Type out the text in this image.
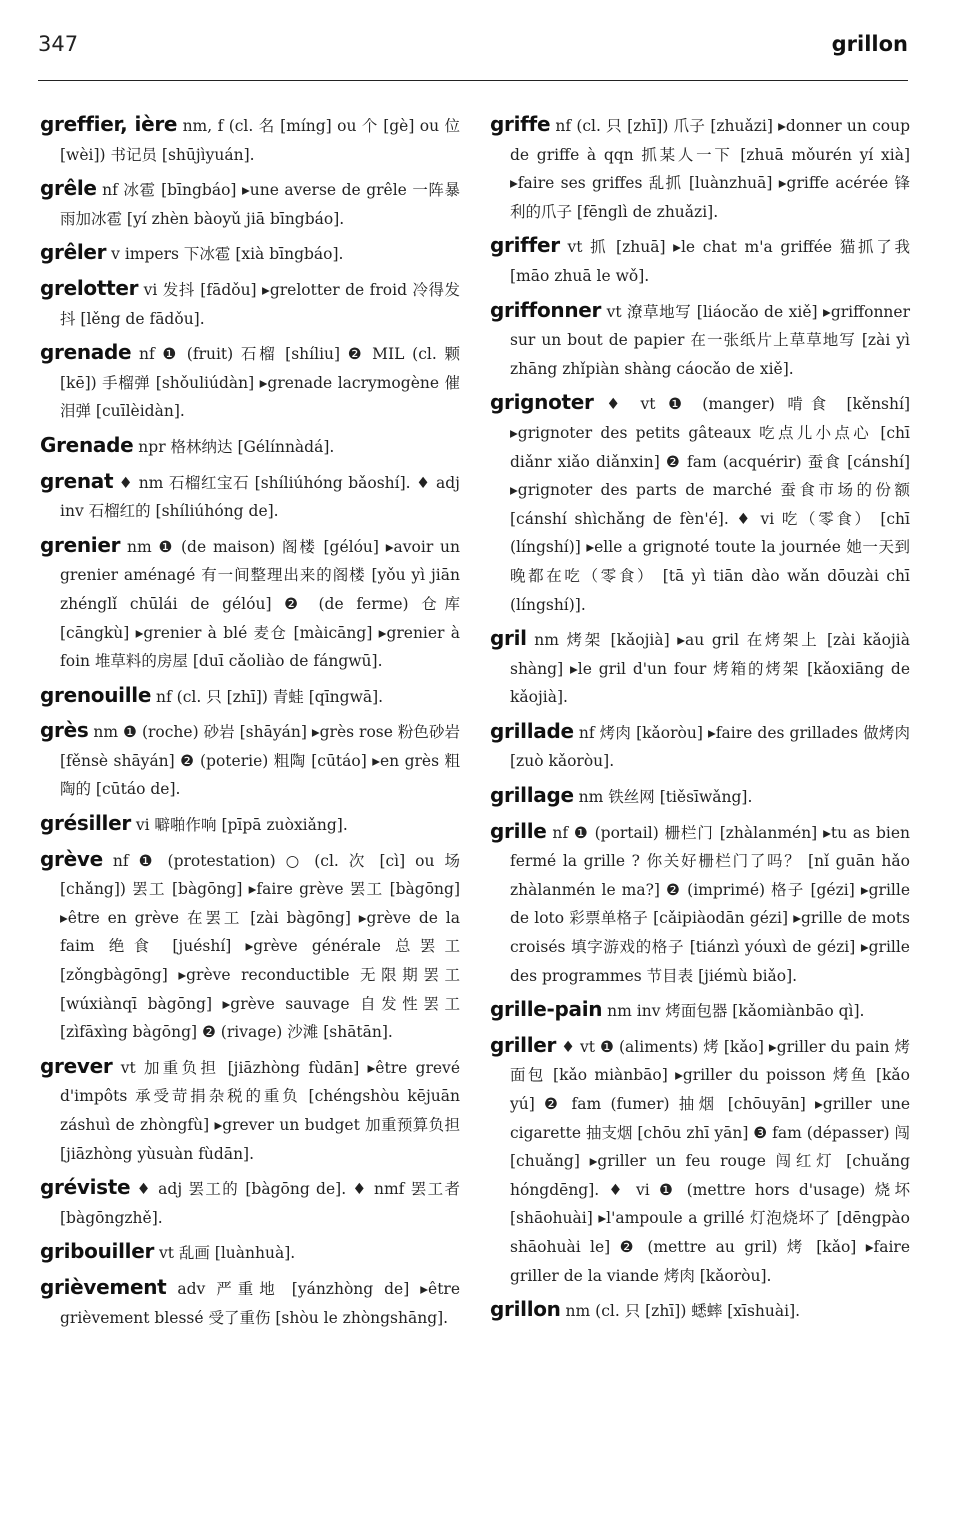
347	grillon

greffier, ière nm, f (cl. 名 [míng] ou 个 [gè] ou 位 [wèi]) 书记员 [shūjìyuán].

grêle nf 冰雹 [bīngbáo] ▸une averse de grêle 一阵暴雨加冰雹 [yí zhèn bàoyǔ jiā bīngbáo].

grêler v impers 下冰雹 [xià bīngbáo].

grelotter vi 发抖 [fādǒu] ▸grelotter de froid 冷得发抖 [lěng de fādǒu].

grenade nf ❶ (fruit) 石榴 [shíliu] ❷ MIL (cl. 颗 [kē]) 手榴弹 [shǒuliúdàn] ▸grenade lacrymogène 催泪弹 [cuīlèidàn].

Grenade npr 格林纳达 [Gélínnàdá].

grenat ♦ nm 石榴红宝石 [shíliúhóng bǎoshí]. ♦ adj inv 石榴红的 [shíliúhóng de].

grenier nm ❶ (de maison) 阁楼 [gélóu] ▸avoir un grenier aménagé 有一间整理出来的阁楼 [yǒu yì jiān zhénglǐ chūlái de gélóu] ❷ (de ferme) 仓库 [cāngkù] ▸grenier à blé 麦仓 [màicāng] ▸grenier à foin 堆草料的房屋 [duī cǎoliào de fángwū].

grenouille nf (cl. 只 [zhī]) 青蛙 [qīngwā].

grès nm ❶ (roche) 砂岩 [shāyán] ▸grès rose 粉色砂岩 [fěnsè shāyán] ❷ (poterie) 粗陶 [cūtáo] ▸en grès 粗陶的 [cūtáo de].

grésiller vi 噼啪作响 [pīpā zuòxiǎng].

grève nf ❶ (protestation) ○ (cl. 次 [cì] ou 场 [chǎng]) 罢工 [bàgōng] ▸faire grève 罢工 [bàgōng] ▸être en grève 在罢工 [zài bàgōng] ▸grève de la faim 绝食 [juéshí] ▸grève générale 总罢工 [zǒngbàgōng] ▸grève reconductible 无限期罢工 [wúxiànqī bàgōng] ▸grève sauvage 自发性罢工 [zìfāxìng bàgōng] ❷ (rivage) 沙滩 [shātān].

grever vt 加重负担 [jiāzhòng fùdān] ▸être grevé d'impôts 承受苛捐杂税的重负 [chéngshòu kējuān záshuì de zhòngfù] ▸grever un budget 加重预算负担 [jiāzhòng yùsuàn fùdān].

gréviste ♦ adj 罢工的 [bàgōng de]. ♦ nmf 罢工者 [bàgōngzhě].

gribouiller vt 乱画 [luànhuà].

grièvement adv 严重地 [yánzhòng de] ▸être grièvement blessé 受了重伤 [shòu le zhòngshāng].

griffe nf (cl. 只 [zhī]) 爪子 [zhuǎzi] ▸donner un coup de griffe à qqn 抓某人一下 [zhuā mǒurén yí xià] ▸faire ses griffes 乱抓 [luànzhuā] ▸griffe acérée 锋利的爪子 [fēnglì de zhuǎzi].

griffer vt 抓 [zhuā] ▸le chat m'a griffée 猫抓了我 [māo zhuā le wǒ].

griffonner vt 潦草地写 [liáocǎo de xiě] ▸griffonner sur un bout de papier 在一张纸片上草草地写 [zài yì zhāng zhǐpiàn shàng cáocǎo de xiě].

grignoter ♦ vt ❶ (manger) 啃食 [kěnshí] ▸grignoter des petits gâteaux 吃点儿小点心 [chī diǎnr xiǎo diǎnxin] ❷ fam (acquérir) 蚕食 [cánshí] ▸grignoter des parts de marché 蚕食市场的份额 [cánshí shìchǎng de fèn'é]. ♦ vi 吃（零食） [chī (língshí)] ▸elle a grignoté toute la journée 她一天到晚都在吃（零食） [tā yì tiān dào wǎn dōuzài chī (língshí)].

gril nm 烤架 [kǎojià] ▸au gril 在烤架上 [zài kǎojià shàng] ▸le gril d'un four 烤箱的烤架 [kǎoxiāng de kǎojià].

grillade nf 烤肉 [kǎoròu] ▸faire des grillades 做烤肉 [zuò kǎoròu].

grillage nm 铁丝网 [tiěsīwǎng].

grille nf ❶ (portail) 栅栏门 [zhàlanmén] ▸tu as bien fermé la grille ? 你关好栅栏门了吗？ [nǐ guān hǎo zhàlanmén le ma?] ❷ (imprimé) 格子 [gézi] ▸grille de loto 彩票单格子 [cǎipiàodān gézi] ▸grille de mots croisés 填字游戏的格子 [tiánzì yóuxì de gézi] ▸grille des programmes 节目表 [jiémù biǎo].

grille-pain nm inv 烤面包器 [kǎomiànbāo qì].

griller ♦ vt ❶ (aliments) 烤 [kǎo] ▸griller du pain 烤面包 [kǎo miànbāo] ▸griller du poisson 烤鱼 [kǎo yú] ❷ fam (fumer) 抽烟 [chōuyān] ▸griller une cigarette 抽支烟 [chōu zhī yān] ❸ fam (dépasser) 闯 [chuǎng] ▸griller un feu rouge 闯红灯 [chuǎng hóngdēng]. ♦ vi ❶ (mettre hors d'usage) 烧坏 [shāohuài] ▸l'ampoule a grillé 灯泡烧坏了 [dēngpào shāohuài le] ❷ (mettre au gril) 烤 [kǎo] ▸faire griller de la viande 烤肉 [kǎoròu].

grillon nm (cl. 只 [zhī]) 蟋蟀 [xīshuài].
